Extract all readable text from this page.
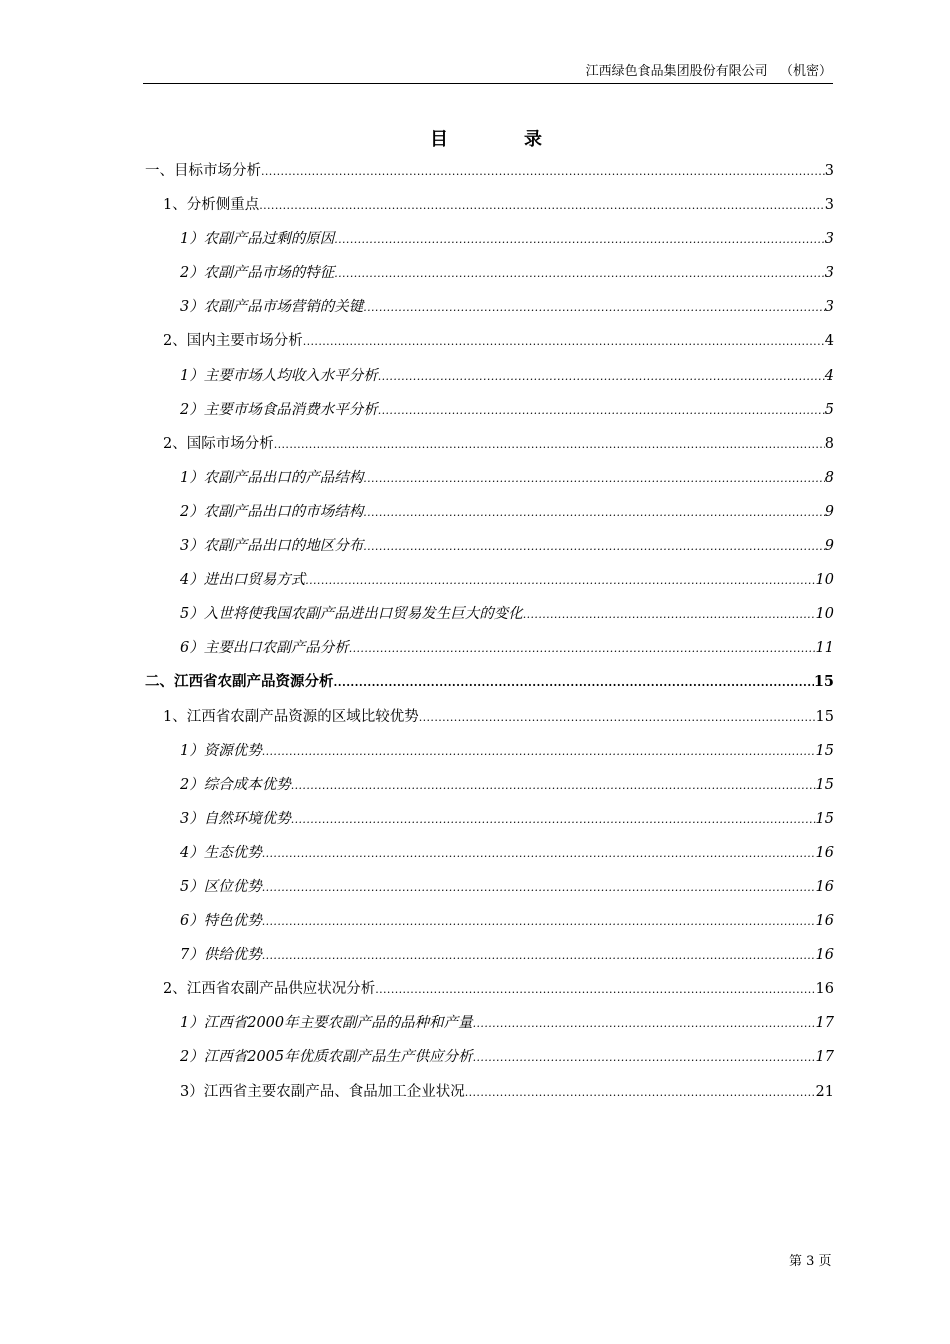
江西绿色食品集团股份有限公司 （机密）
目录
一、目标市场分析 .....	3
1、分析侧重点 .....	3
1）农副产品过剩的原因 .....	3
2）农副产品市场的特征 .....	3
3）农副产品市场营销的关键 .....	3
2、国内主要市场分析 .....	4
1）主要市场人均收入水平分析 .....	4
2）主要市场食品消费水平分析 .....	5
2、国际市场分析 .....	8
1）农副产品出口的产品结构 .....	8
2）农副产品出口的市场结构 .....	9
3）农副产品出口的地区分布 .....	9
4）进出口贸易方式 .....	10
5）入世将使我国农副产品进出口贸易发生巨大的变化 .....	10
6）主要出口农副产品分析 .....	11
二、江西省农副产品资源分析 .....	15
1、江西省农副产品资源的区域比较优势 .....	15
1）资源优势 .....	15
2）综合成本优势 .....	15
3）自然环境优势 .....	15
4）生态优势 .....	16
5）区位优势 .....	16
6）特色优势 .....	16
7）供给优势 .....	16
2、江西省农副产品供应状况分析 .....	16
1）江西省2000年主要农副产品的品种和产量 .....	17
2）江西省2005年优质农副产品生产供应分析 .....	17
3）江西省主要农副产品、食品加工企业状况 .....	21
第 3 页
